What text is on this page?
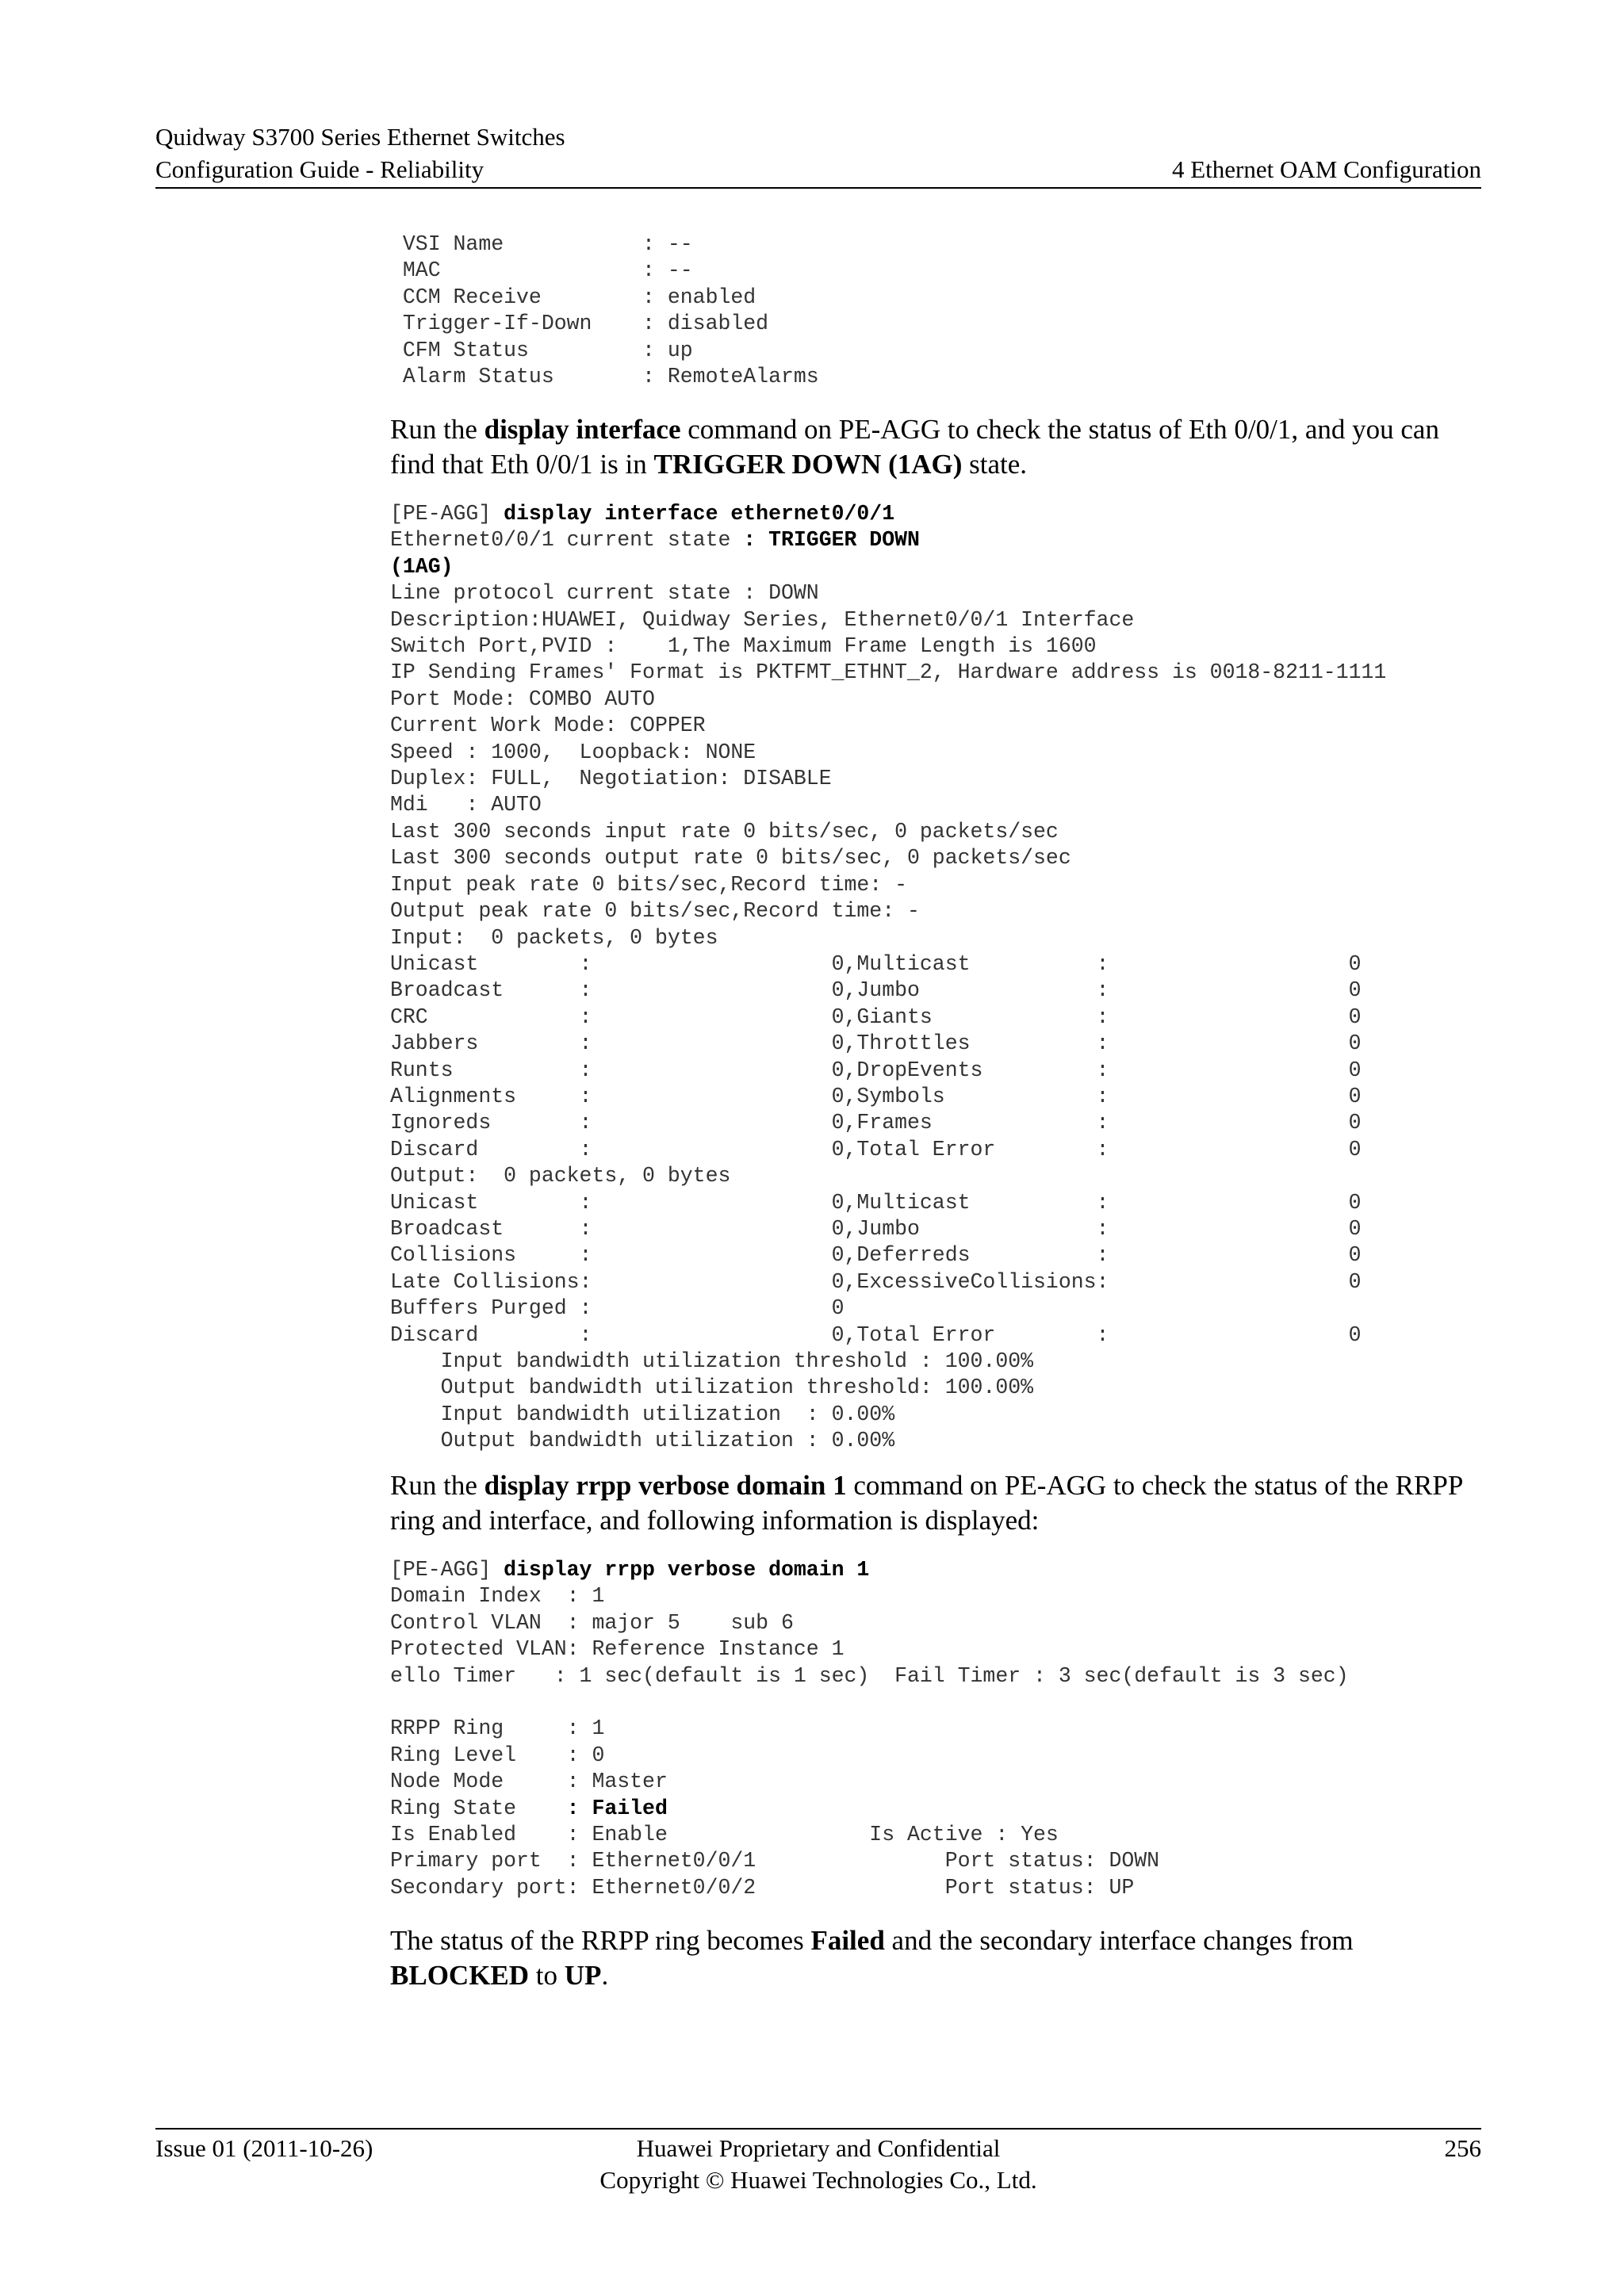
Quidway S3700 Series Ethernet Switches
Configuration Guide - Reliability	4 Ethernet OAM Configuration
VSI Name           : --
MAC                : --
CCM Receive        : enabled
Trigger-If-Down    : disabled
CFM Status         : up
Alarm Status       : RemoteAlarms

Run the display interface command on PE-AGG to check the status of Eth 0/0/1, and you can find that Eth 0/0/1 is in TRIGGER DOWN (1AG) state.

[PE-AGG] display interface ethernet0/0/1
Ethernet0/0/1 current state : TRIGGER DOWN
(1AG)
Line protocol current state : DOWN
Description:HUAWEI, Quidway Series, Ethernet0/0/1 Interface
Switch Port,PVID :    1,The Maximum Frame Length is 1600
IP Sending Frames' Format is PKTFMT_ETHNT_2, Hardware address is 0018-8211-1111
Port Mode: COMBO AUTO
Current Work Mode: COPPER
Speed : 1000,  Loopback: NONE
Duplex: FULL,  Negotiation: DISABLE
Mdi   : AUTO
Last 300 seconds input rate 0 bits/sec, 0 packets/sec
Last 300 seconds output rate 0 bits/sec, 0 packets/sec
Input peak rate 0 bits/sec,Record time: -
Output peak rate 0 bits/sec,Record time: -
Input:  0 packets, 0 bytes
Unicast        :                   0,Multicast          :                   0
Broadcast      :                   0,Jumbo              :                   0
CRC            :                   0,Giants             :                   0
Jabbers        :                   0,Throttles          :                   0
Runts          :                   0,DropEvents         :                   0
Alignments     :                   0,Symbols            :                   0
Ignoreds       :                   0,Frames             :                   0
Discard        :                   0,Total Error        :                   0
Output:  0 packets, 0 bytes
Unicast        :                   0,Multicast          :                   0
Broadcast      :                   0,Jumbo              :                   0
Collisions     :                   0,Deferreds          :                   0
Late Collisions:                   0,ExcessiveCollisions:                   0
Buffers Purged :                   0
Discard        :                   0,Total Error        :                   0
Input bandwidth utilization threshold : 100.00%
Output bandwidth utilization threshold: 100.00%
Input bandwidth utilization  : 0.00%
Output bandwidth utilization : 0.00%

Run the display rrpp verbose domain 1 command on PE-AGG to check the status of the RRPP ring and interface, and following information is displayed:

[PE-AGG] display rrpp verbose domain 1
Domain Index  : 1
Control VLAN  : major 5    sub 6
Protected VLAN: Reference Instance 1
ello Timer   : 1 sec(default is 1 sec)  Fail Timer : 3 sec(default is 3 sec)

RRPP Ring     : 1
Ring Level    : 0
Node Mode     : Master
Ring State    : Failed
Is Enabled    : Enable                Is Active : Yes
Primary port  : Ethernet0/0/1               Port status: DOWN
Secondary port: Ethernet0/0/2               Port status: UP

The status of the RRPP ring becomes Failed and the secondary interface changes from BLOCKED to UP.

Issue 01 (2011-10-26)	Huawei Proprietary and Confidential
Copyright © Huawei Technologies Co., Ltd.
256
